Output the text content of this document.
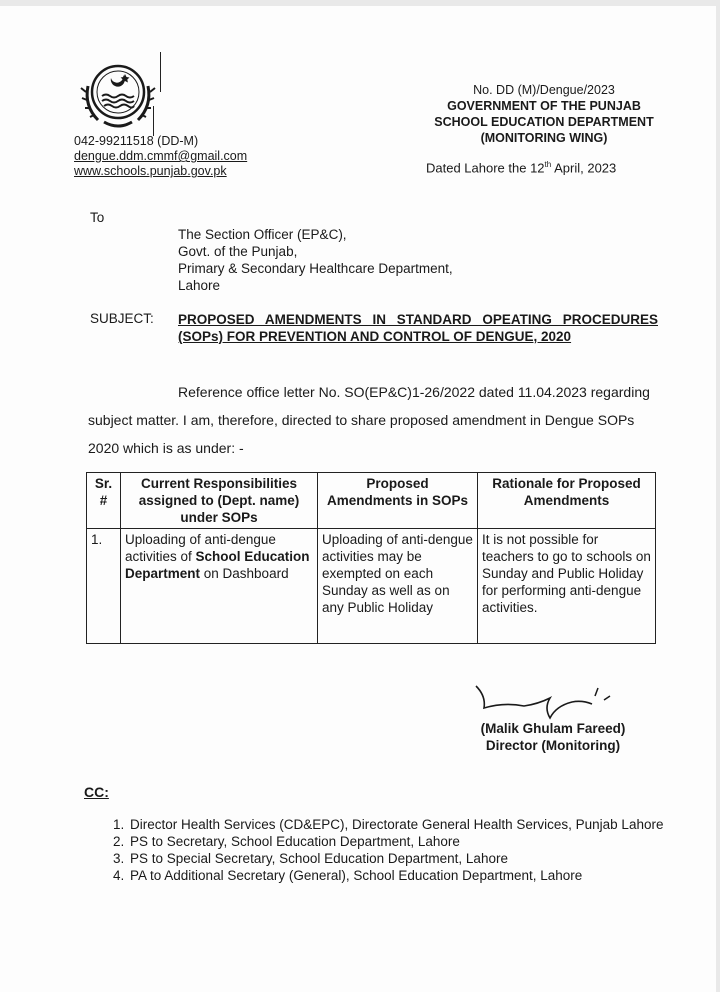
042-99211518 (DD-M)
dengue.ddm.cmmf@gmail.com
www.schools.punjab.gov.pk
No. DD (M)/Dengue/2023
GOVERNMENT OF THE PUNJAB
SCHOOL EDUCATION DEPARTMENT
(MONITORING WING)
Dated Lahore the 12th April, 2023
To
The Section Officer (EP&C),
Govt. of the Punjab,
Primary & Secondary Healthcare Department,
Lahore
SUBJECT: PROPOSED AMENDMENTS IN STANDARD OPEATING PROCEDURES (SOPs) FOR PREVENTION AND CONTROL OF DENGUE, 2020
Reference office letter No. SO(EP&C)1-26/2022 dated 11.04.2023 regarding subject matter. I am, therefore, directed to share proposed amendment in Dengue SOPs 2020 which is as under: -
Sr. #	Current Responsibilities assigned to (Dept. name) under SOPs	Proposed Amendments in SOPs	Rationale for Proposed Amendments
1.	Uploading of anti-dengue activities of School Education Department on Dashboard	Uploading of anti-dengue activities may be exempted on each Sunday as well as on any Public Holiday	It is not possible for teachers to go to schools on Sunday and Public Holiday for performing anti-dengue activities.
(Malik Ghulam Fareed)
Director (Monitoring)
CC:
1. Director Health Services (CD&EPC), Directorate General Health Services, Punjab Lahore
2. PS to Secretary, School Education Department, Lahore
3. PS to Special Secretary, School Education Department, Lahore
4. PA to Additional Secretary (General), School Education Department, Lahore
